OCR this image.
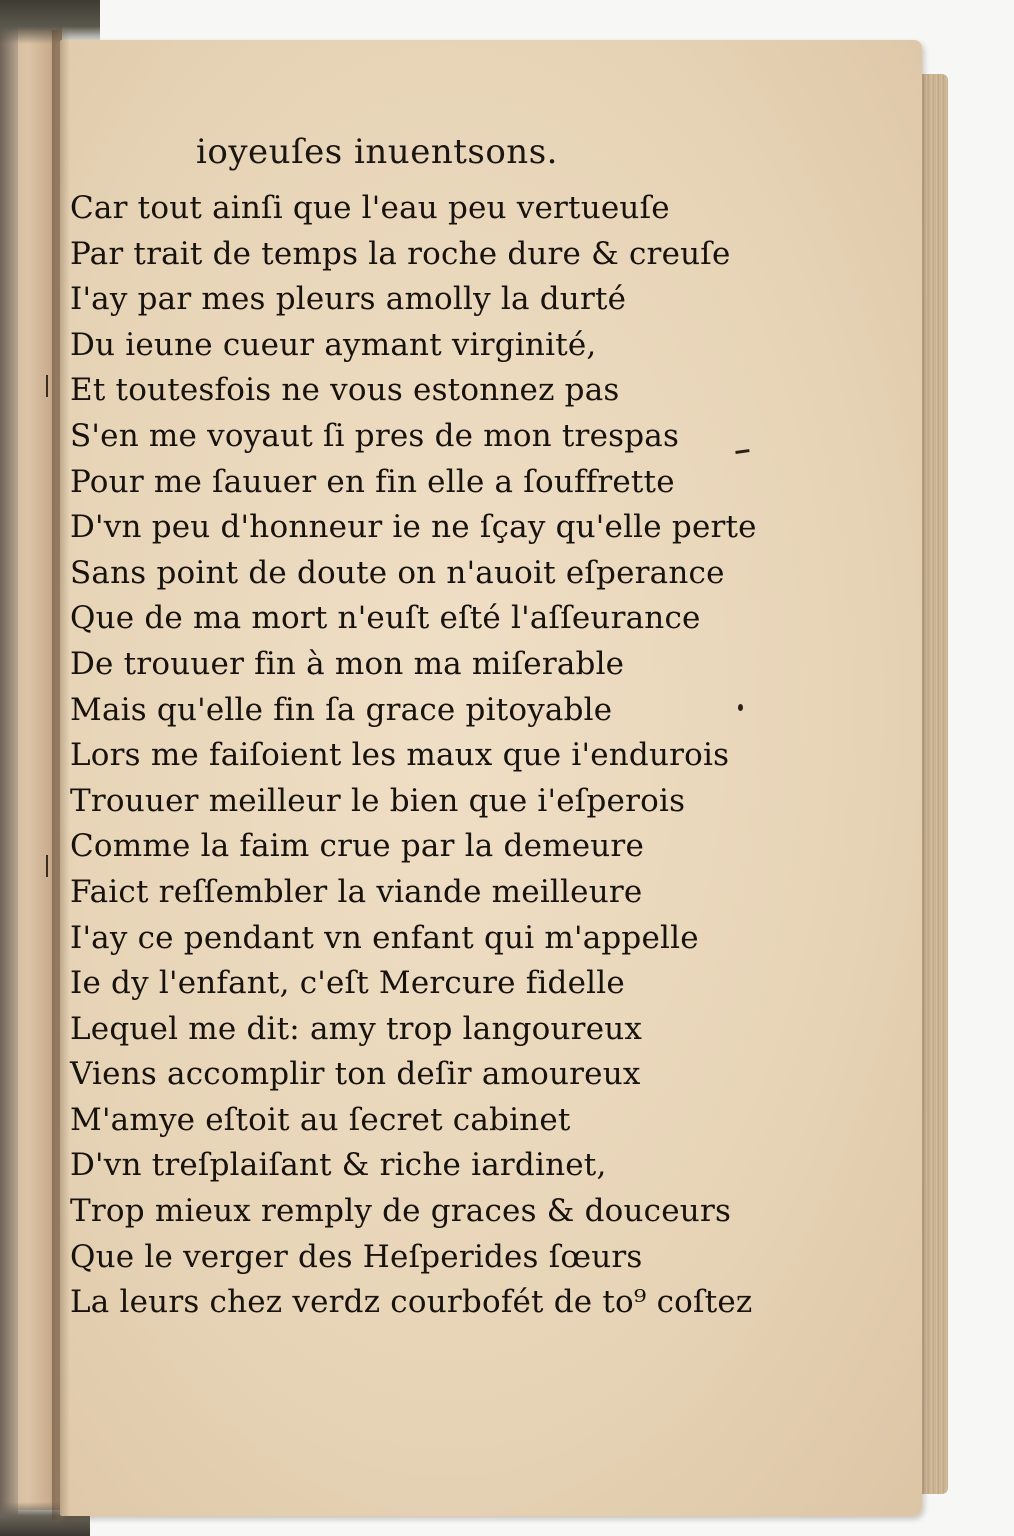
ioyeuſes inuentsons.
Car tout ainſi que l'eau peu vertueuſe
Par trait de temps la roche dure & creuſe
I'ay par mes pleurs amolly la durté
Du ieune cueur aymant virginité,
Et toutesfois ne vous estonnez pas
S'en me voyaut ſi pres de mon trespas
Pour me ſauuer en fin elle a ſouffrette
D'vn peu d'honneur ie ne ſçay qu'elle perte
Sans point de doute on n'auoit eſperance
Que de ma mort n'euſt eſté l'aſſeurance
De trouuer fin à mon ma miſerable
Mais qu'elle fin ſa grace pitoyable
Lors me faiſoient les maux que i'endurois
Trouuer meilleur le bien que i'eſperois
Comme la faim crue par la demeure
Faict reſſembler la viande meilleure
I'ay ce pendant vn enfant qui m'appelle
Ie dy l'enfant, c'eſt Mercure fidelle
Lequel me dit: amy trop langoureux
Viens accomplir ton deſir amoureux
M'amye eſtoit au ſecret cabinet
D'vn treſplaiſant & riche iardinet,
Trop mieux remply de graces & douceurs
Que le verger des Heſperides ſœurs
La leurs chez verdz courbofét de to⁹ coſtez
